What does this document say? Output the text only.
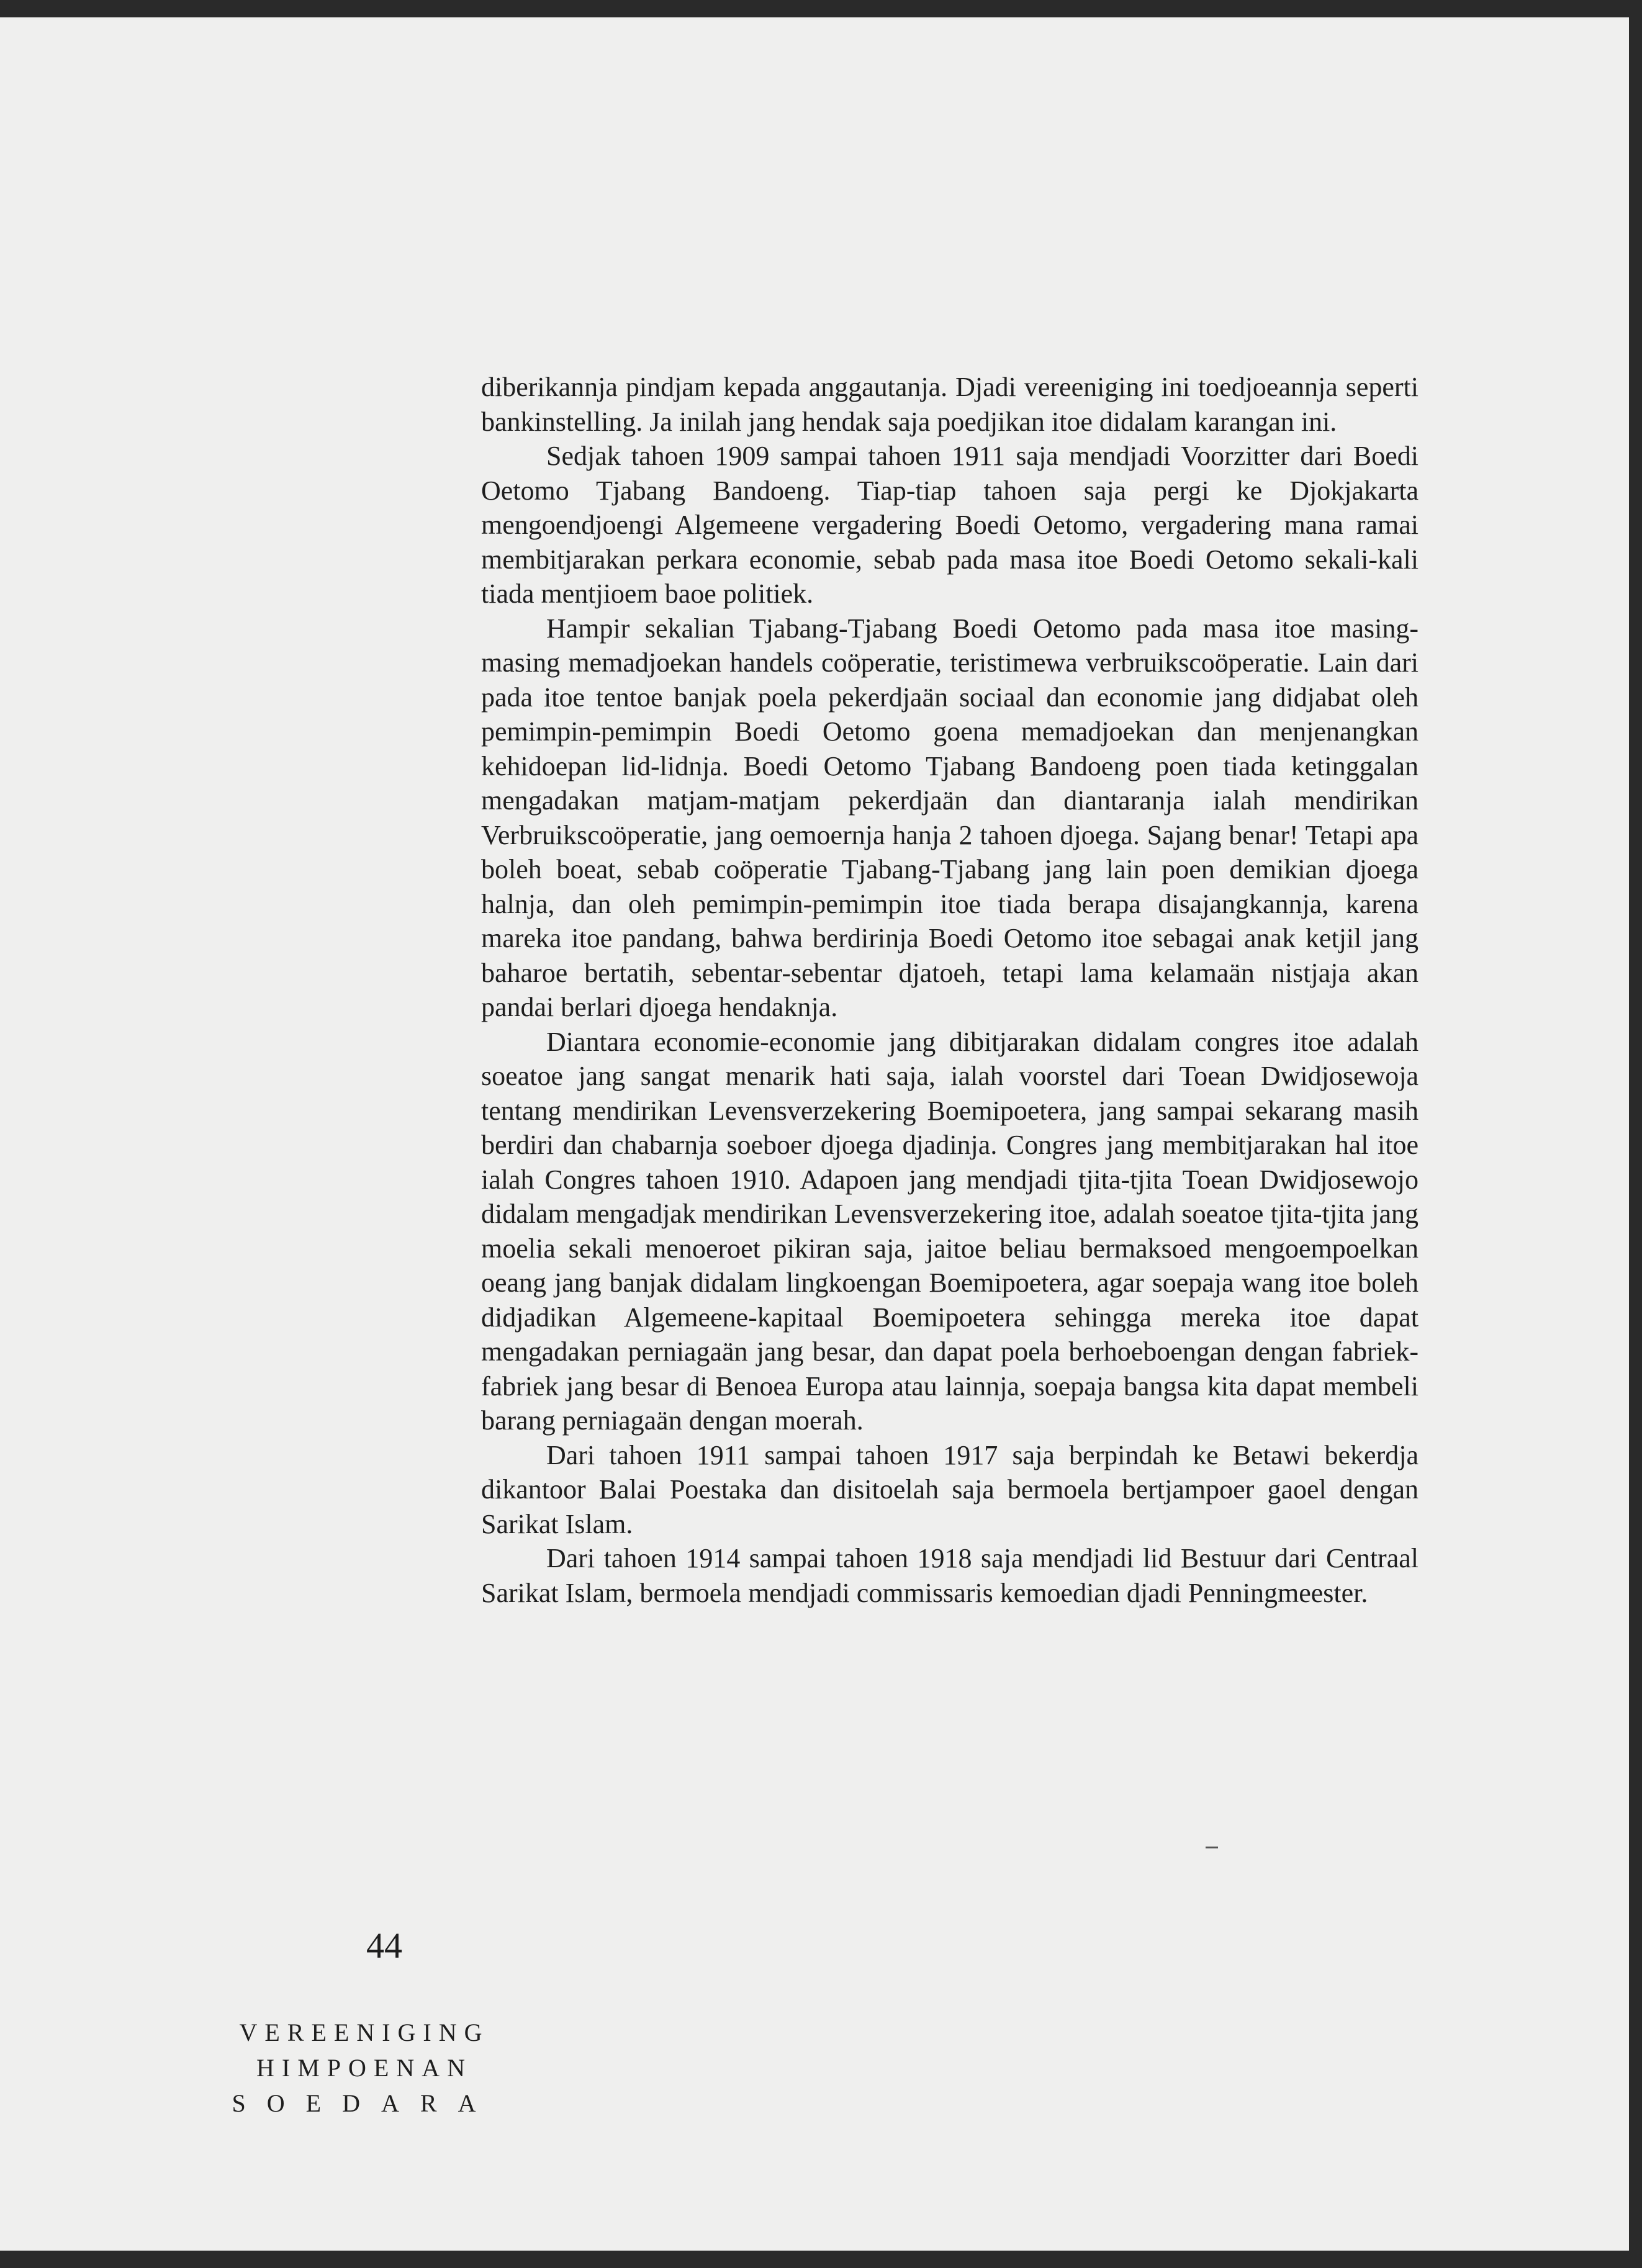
diberikannja pindjam kepada anggautanja. Djadi vereeniging ini toedjoeannja seperti bankinstelling. Ja inilah jang hendak saja poedjikan itoe didalam karangan ini.

Sedjak tahoen 1909 sampai tahoen 1911 saja mendjadi Voorzitter dari Boedi Oetomo Tjabang Bandoeng. Tiap-tiap tahoen saja pergi ke Djokjakarta mengoendjoengi Algemeene vergadering Boedi Oetomo, vergadering mana ramai membitjarakan perkara economie, sebab pada masa itoe Boedi Oetomo sekali-kali tiada mentjioem baoe politiek.

Hampir sekalian Tjabang-Tjabang Boedi Oetomo pada masa itoe masing-masing memadjoekan handels coöperatie, teristimewa verbruikscoöperatie. Lain dari pada itoe tentoe banjak poela pekerdjaän sociaal dan economie jang didjabat oleh pemimpin-pemimpin Boedi Oetomo goena memadjoekan dan menjenangkan kehidoepan lid-lidnja. Boedi Oetomo Tjabang Bandoeng poen tiada ketinggalan mengadakan matjam-matjam pekerdjaän dan diantaranja ialah mendirikan Verbruikscoöperatie, jang oemoernja hanja 2 tahoen djoega. Sajang benar! Tetapi apa boleh boeat, sebab coöperatie Tjabang-Tjabang jang lain poen demikian djoega halnja, dan oleh pemimpin-pemimpin itoe tiada berapa disajangkannja, karena mareka itoe pandang, bahwa berdirinja Boedi Oetomo itoe sebagai anak ketjil jang baharoe bertatih, sebentar-sebentar djatoeh, tetapi lama kelamaän nistjaja akan pandai berlari djoega hendaknja.

Diantara economie-economie jang dibitjarakan didalam congres itoe adalah soeatoe jang sangat menarik hati saja, ialah voorstel dari Toean Dwidjosewoja tentang mendirikan Levensverzekering Boemipoetera, jang sampai sekarang masih berdiri dan chabarnja soeboer djoega djadinja. Congres jang membitjarakan hal itoe ialah Congres tahoen 1910. Adapoen jang mendjadi tjita-tjita Toean Dwidjosewojo didalam mengadjak mendirikan Levensverzekering itoe, adalah soeatoe tjita-tjita jang moelia sekali menoeroet pikiran saja, jaitoe beliau bermaksoed mengoempoelkan oeang jang banjak didalam lingkoengan Boemipoetera, agar soepaja wang itoe boleh didjadikan Algemeene-kapitaal Boemipoetera sehingga mereka itoe dapat mengadakan perniagaän jang besar, dan dapat poela berhoeboengan dengan fabriek-fabriek jang besar di Benoea Europa atau lainnja, soepaja bangsa kita dapat membeli barang perniagaän dengan moerah.

Dari tahoen 1911 sampai tahoen 1917 saja berpindah ke Betawi bekerdja dikantoor Balai Poestaka dan disitoelah saja bermoela bertjampoer gaoel dengan Sarikat Islam.

Dari tahoen 1914 sampai tahoen 1918 saja mendjadi lid Bestuur dari Centraal Sarikat Islam, bermoela mendjadi commissaris kemoedian djadi Penningmeester.

44
VEREENIGING
HIMPOENAN
SOEDARA
